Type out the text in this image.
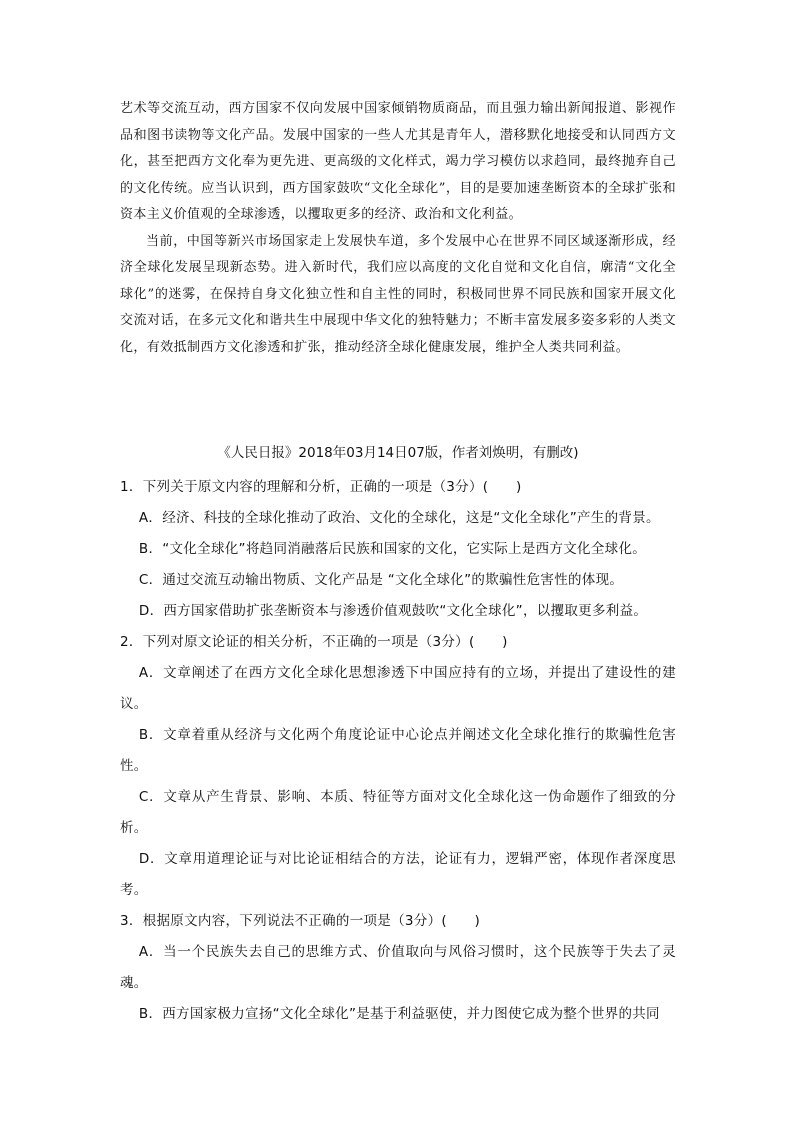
艺术等交流互动，西方国家不仅向发展中国家倾销物质商品，而且强力输出新闻报道、影视作品和图书读物等文化产品。发展中国家的一些人尤其是青年人，潜移默化地接受和认同西方文化，甚至把西方文化奉为更先进、更高级的文化样式，竭力学习模仿以求趋同，最终抛弃自己的文化传统。应当认识到，西方国家鼓吹“文化全球化”，目的是要加速垄断资本的全球扩张和资本主义价值观的全球渗透，以攫取更多的经济、政治和文化利益。

当前，中国等新兴市场国家走上发展快车道，多个发展中心在世界不同区域逐渐形成，经济全球化发展呈现新态势。进入新时代，我们应以高度的文化自觉和文化自信，廓清“文化全球化”的迷雾，在保持自身文化独立性和自主性的同时，积极同世界不同民族和国家开展文化交流对话，在多元文化和谐共生中展现中华文化的独特魅力；不断丰富发展多姿多彩的人类文化，有效抵制西方文化渗透和扩张，推动经济全球化健康发展，维护全人类共同利益。

《人民日报》2018年03月14日07版，作者刘焕明，有删改)

1．下列关于原文内容的理解和分析，正确的一项是（3分）(　　)

A．经济、科技的全球化推动了政治、文化的全球化，这是“文化全球化”产生的背景。

B．“文化全球化”将趋同消融落后民族和国家的文化，它实际上是西方文化全球化。

C．通过交流互动输出物质、文化产品是 “文化全球化”的欺骗性危害性的体现。

D．西方国家借助扩张垄断资本与渗透价值观鼓吹“文化全球化”，以攫取更多利益。

2．下列对原文论证的相关分析，不正确的一项是（3分）(　　)

A．文章阐述了在西方文化全球化思想渗透下中国应持有的立场，并提出了建设性的建议。

B．文章着重从经济与文化两个角度论证中心论点并阐述文化全球化推行的欺骗性危害性。

C．文章从产生背景、影响、本质、特征等方面对文化全球化这一伪命题作了细致的分析。

D．文章用道理论证与对比论证相结合的方法，论证有力，逻辑严密，体现作者深度思考。

3．根据原文内容，下列说法不正确的一项是（3分）(　　)

A．当一个民族失去自己的思维方式、价值取向与风俗习惯时，这个民族等于失去了灵魂。

B．西方国家极力宣扬“文化全球化”是基于利益驱使，并力图使它成为整个世界的共同
